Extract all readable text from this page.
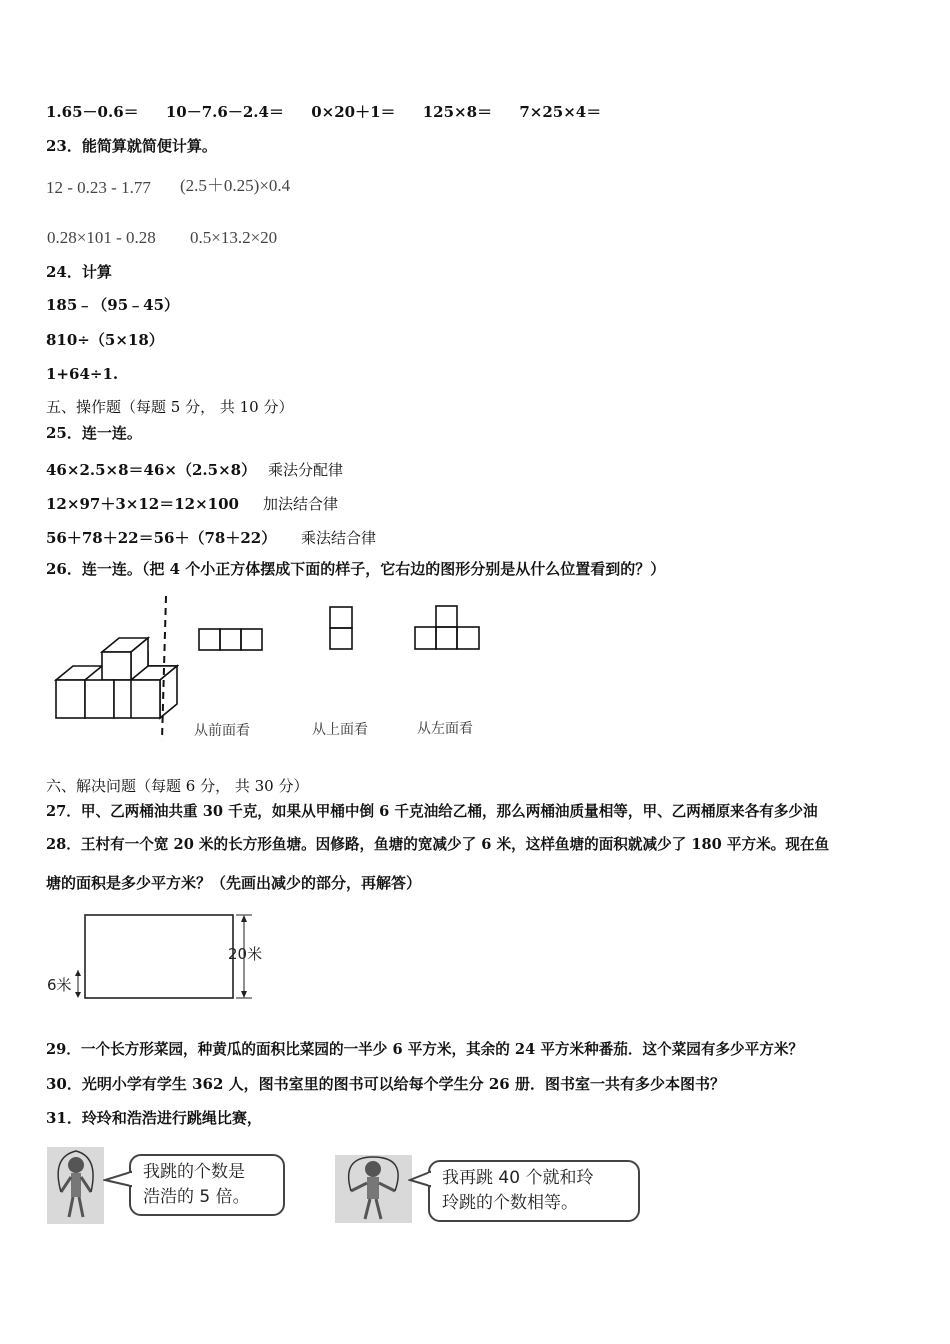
1.65－0.6＝ 10－7.6－2.4＝ 0×20＋1＝ 125×8＝ 7×25×4＝
23．能简算就简便计算。
12 - 0.23 - 1.77 (2.5＋0.25)×0.4
0.28×101 - 0.28 0.5×13.2×20
24．计算
185﹣（95﹣45）
810÷（5×18）
1+64÷1.
五、操作题（每题 5 分， 共 10 分）
25．连一连。
46×2.5×8＝46×（2.5×8） 乘法分配律
12×97＋3×12＝12×100 加法结合律
56＋78＋22＝56＋（78＋22） 乘法结合律
26．连一连。（把 4 个小正方体摆成下面的样子，它右边的图形分别是从什么位置看到的？）
从前面看	从上面看	从左面看
六、解决问题（每题 6 分， 共 30 分）
27．甲、乙两桶油共重 30 千克，如果从甲桶中倒 6 千克油给乙桶，那么两桶油质量相等，甲、乙两桶原来各有多少油
28．王村有一个宽 20 米的长方形鱼塘。因修路，鱼塘的宽减少了 6 米，这样鱼塘的面积就减少了 180 平方米。现在鱼
塘的面积是多少平方米？（先画出减少的部分，再解答）
20米
6米
29．一个长方形菜园，种黄瓜的面积比菜园的一半少 6 平方米，其余的 24 平方米种番茄．这个菜园有多少平方米？
30．光明小学有学生 362 人，图书室里的图书可以给每个学生分 26 册．图书室一共有多少本图书？
31．玲玲和浩浩进行跳绳比赛，
我跳的个数是
浩浩的 5 倍。
我再跳 40 个就和玲
玲跳的个数相等。
